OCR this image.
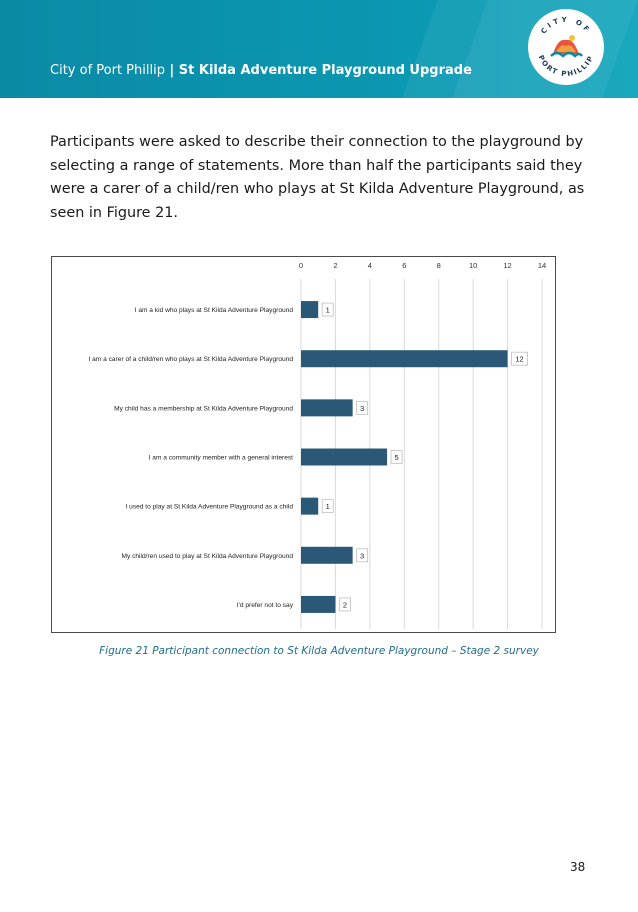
City of Port Phillip | St Kilda Adventure Playground Upgrade
CITY OF
PORT PHILLIP

Participants were asked to describe their connection to the playground by selecting a range of statements. More than half the participants said they were a carer of a child/ren who plays at St Kilda Adventure Playground, as seen in Figure 21.

0	2	4	6	8	10	12	14
I am a kid who plays at St Kilda Adventure Playground	1
I am a carer of a child/ren who plays at St Kilda Adventure Playground	12
My child has a membership at St Kilda Adventure Playground	3
I am a community member with a general interest	5
I used to play at St Kilda Adventure Playground as a child	1
My child/ren used to play at St Kilda Adventure Playground	3
I'd prefer not to say	2

Figure 21 Participant connection to St Kilda Adventure Playground – Stage 2 survey

38
